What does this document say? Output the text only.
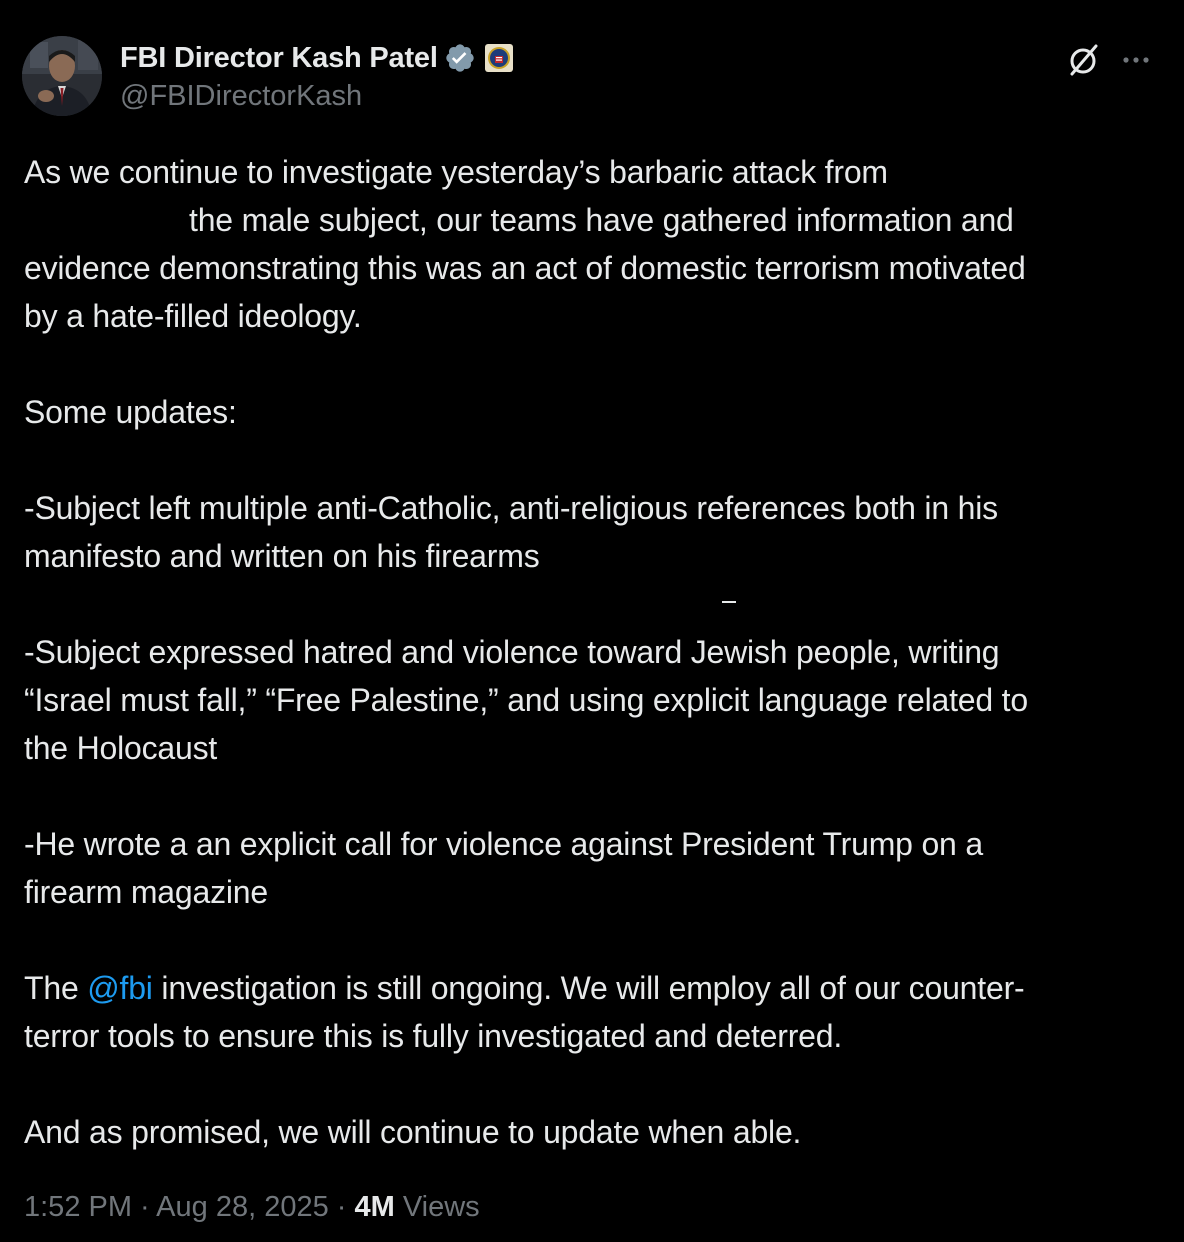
FBI Director Kash Patel
@FBIDirectorKash

As we continue to investigate yesterday’s barbaric attack from

the male subject, our teams have gathered information and

evidence demonstrating this was an act of domestic terrorism motivated

by a hate-filled ideology.

Some updates:

-Subject left multiple anti-Catholic, anti-religious references both in his

manifesto and written on his firearms

-Subject expressed hatred and violence toward Jewish people, writing

“Israel must fall,” “Free Palestine,” and using explicit language related to

the Holocaust

-He wrote a an explicit call for violence against President Trump on a

firearm magazine

The @fbi investigation is still ongoing. We will employ all of our counter-

terror tools to ensure this is fully investigated and deterred.

And as promised, we will continue to update when able.

1:52 PM · Aug 28, 2025 · 4M Views
